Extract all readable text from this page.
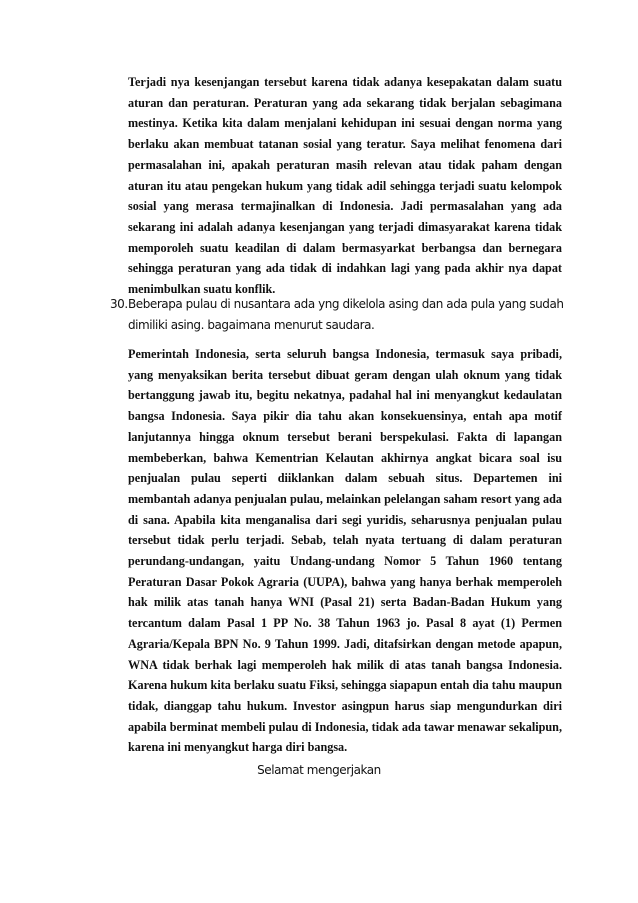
Terjadi nya kesenjangan tersebut karena tidak adanya kesepakatan dalam suatu aturan dan peraturan. Peraturan yang ada sekarang tidak berjalan sebagimana mestinya. Ketika kita dalam menjalani kehidupan ini sesuai dengan norma yang berlaku akan membuat tatanan sosial yang teratur. Saya melihat fenomena dari permasalahan ini, apakah peraturan masih relevan atau tidak paham dengan aturan itu atau pengekan hukum yang tidak adil sehingga terjadi suatu kelompok sosial yang merasa termajinalkan di Indonesia. Jadi permasalahan yang ada sekarang ini adalah adanya kesenjangan yang terjadi dimasyarakat karena tidak memporoleh suatu keadilan di dalam bermasyarkat berbangsa dan bernegara sehingga peraturan yang ada tidak di indahkan lagi yang pada akhir nya dapat menimbulkan suatu konflik.

30.Beberapa pulau di nusantara ada yng dikelola asing dan ada pula yang sudah
dimiliki asing. bagaimana menurut saudara.

Pemerintah Indonesia, serta seluruh bangsa Indonesia, termasuk saya pribadi, yang menyaksikan berita tersebut dibuat geram dengan ulah oknum yang tidak bertanggung jawab itu, begitu nekatnya, padahal hal ini menyangkut kedaulatan bangsa Indonesia. Saya pikir dia tahu akan konsekuensinya, entah apa motif lanjutannya hingga oknum tersebut berani berspekulasi. Fakta di lapangan membeberkan, bahwa Kementrian Kelautan akhirnya angkat bicara soal isu penjualan pulau seperti diiklankan dalam sebuah situs. Departemen ini membantah adanya penjualan pulau, melainkan pelelangan saham resort yang ada di sana. Apabila kita menganalisa dari segi yuridis, seharusnya penjualan pulau tersebut tidak perlu terjadi. Sebab, telah nyata tertuang di dalam peraturan perundang-undangan, yaitu Undang-undang Nomor 5 Tahun 1960 tentang Peraturan Dasar Pokok Agraria (UUPA), bahwa yang hanya berhak memperoleh hak milik atas tanah hanya WNI (Pasal 21) serta Badan-Badan Hukum yang tercantum dalam Pasal 1 PP No. 38 Tahun 1963 jo. Pasal 8 ayat (1) Permen Agraria/Kepala BPN No. 9 Tahun 1999. Jadi, ditafsirkan dengan metode apapun, WNA tidak berhak lagi memperoleh hak milik di atas tanah bangsa Indonesia. Karena hukum kita berlaku suatu Fiksi, sehingga siapapun entah dia tahu maupun tidak, dianggap tahu hukum. Investor asingpun harus siap mengundurkan diri apabila berminat membeli pulau di Indonesia, tidak ada tawar menawar sekalipun, karena ini menyangkut harga diri bangsa.

Selamat mengerjakan
